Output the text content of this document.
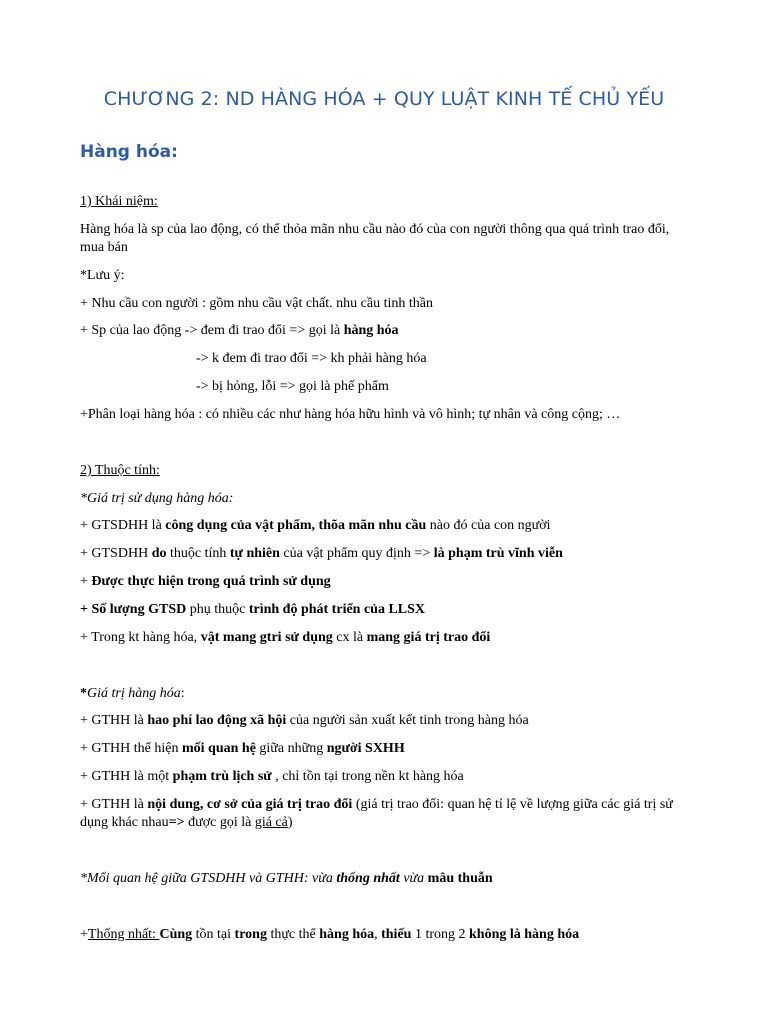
CHƯƠNG 2: ND HÀNG HÓA + QUY LUẬT KINH TẾ CHỦ YẾU
Hàng hóa:
1) Khái niệm:
Hàng hóa là sp của lao động, có thể thỏa mãn nhu cầu nào đó của con người thông qua quá trình trao đổi, mua bán
*Lưu ý:
+ Nhu cầu con người : gồm nhu cầu vật chất. nhu cầu tinh thần
+ Sp của lao động -> đem đi trao đổi => gọi là hàng hóa
-> k đem đi trao đổi => kh phải hàng hóa
-> bị hỏng, lỗi => gọi là phế phẩm
+Phân loại hàng hóa : có nhiều các như hàng hóa hữu hình và vô hình; tự nhân và công cộng; …
2) Thuộc tính:
*Giá trị sử dụng hàng hóa:
+ GTSDHH là công dụng của vật phẩm, thõa mãn nhu cầu nào đó của con người
+ GTSDHH do thuộc tính tự nhiên của vật phẩm quy định => là phạm trù vĩnh viễn
+ Được thực hiện trong quá trình sử dụng
+ Số lượng GTSD phụ thuộc trình độ phát triển của LLSX
+ Trong kt hàng hóa, vật mang gtri sử dụng cx là mang giá trị trao đổi
*Giá trị hàng hóa:
+ GTHH là hao phí lao động xã hội của người sản xuất kết tinh trong hàng hóa
+ GTHH thể hiện mối quan hệ giữa những người SXHH
+ GTHH là một phạm trù lịch sử , chỉ tồn tại trong nền kt hàng hóa
+ GTHH là nội dung, cơ sở của giá trị trao đổi (giá trị trao đổi: quan hệ tỉ lệ về lượng giữa các giá trị sử dụng khác nhau=> được gọi là giá cả)
*Mối quan hệ giữa GTSDHH và GTHH: vừa thống nhất vừa mâu thuẫn
+Thống nhất: Cùng tồn tại trong thực thể hàng hóa, thiếu 1 trong 2 không là hàng hóa
